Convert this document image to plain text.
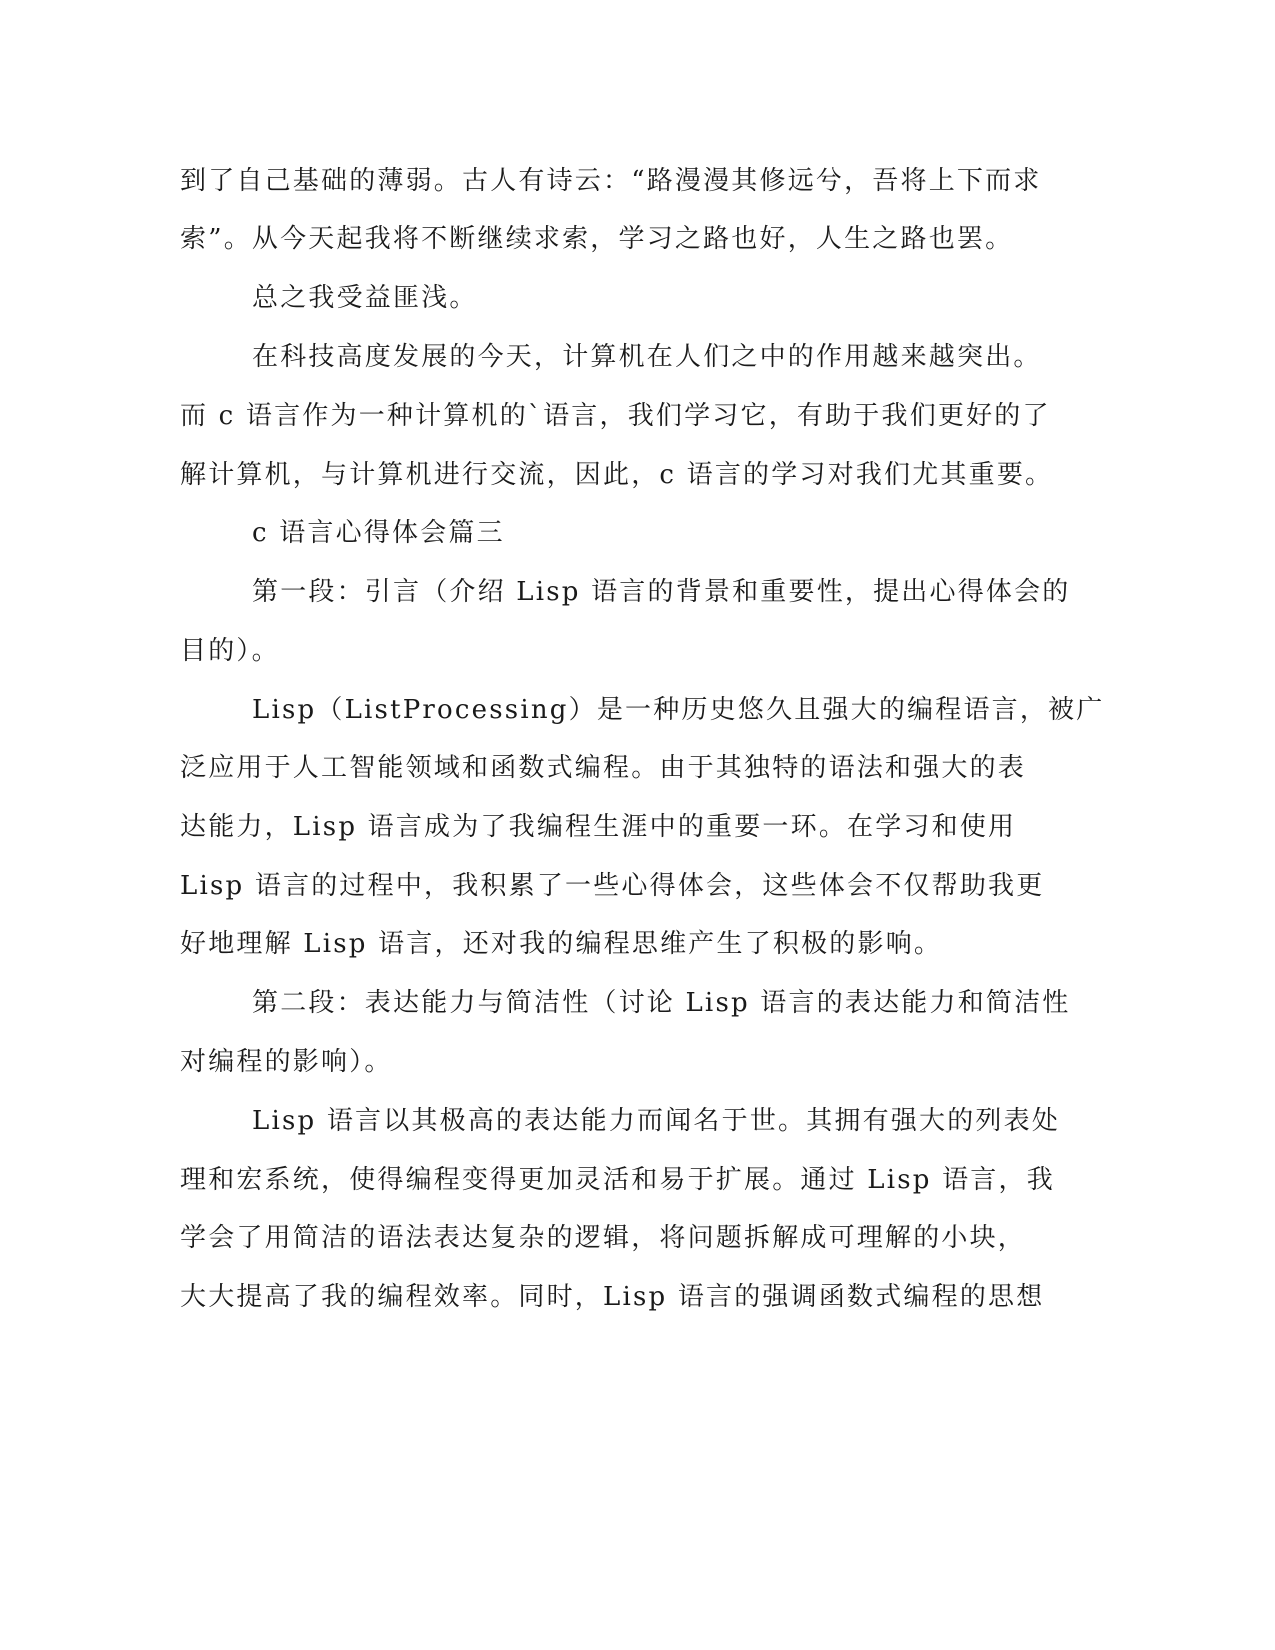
到了自己基础的薄弱。古人有诗云：“路漫漫其修远兮，吾将上下而求
索”。从今天起我将不断继续求索，学习之路也好，人生之路也罢。
总之我受益匪浅。
在科技高度发展的今天，计算机在人们之中的作用越来越突出。
而 c 语言作为一种计算机的`语言，我们学习它，有助于我们更好的了
解计算机，与计算机进行交流，因此，c 语言的学习对我们尤其重要。
c 语言心得体会篇三
第一段：引言（介绍 Lisp 语言的背景和重要性，提出心得体会的
目的）。
Lisp（ListProcessing）是一种历史悠久且强大的编程语言，被广
泛应用于人工智能领域和函数式编程。由于其独特的语法和强大的表
达能力，Lisp 语言成为了我编程生涯中的重要一环。在学习和使用
Lisp 语言的过程中，我积累了一些心得体会，这些体会不仅帮助我更
好地理解 Lisp 语言，还对我的编程思维产生了积极的影响。
第二段：表达能力与简洁性（讨论 Lisp 语言的表达能力和简洁性
对编程的影响）。
Lisp 语言以其极高的表达能力而闻名于世。其拥有强大的列表处
理和宏系统，使得编程变得更加灵活和易于扩展。通过 Lisp 语言，我
学会了用简洁的语法表达复杂的逻辑，将问题拆解成可理解的小块，
大大提高了我的编程效率。同时，Lisp 语言的强调函数式编程的思想
